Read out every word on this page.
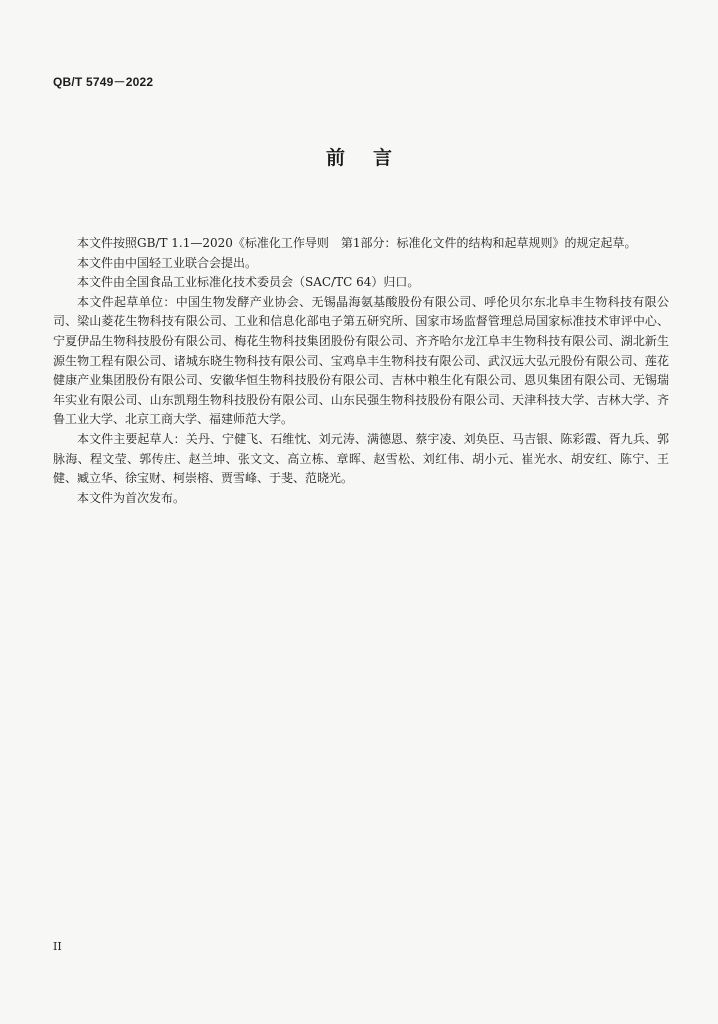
QB/T 5749－2022
前言

本文件按照GB/T 1.1—2020《标准化工作导则　第1部分：标准化文件的结构和起草规则》的规定起草。

本文件由中国轻工业联合会提出。

本文件由全国食品工业标准化技术委员会（SAC/TC 64）归口。

本文件起草单位：中国生物发酵产业协会、无锡晶海氨基酸股份有限公司、呼伦贝尔东北阜丰生物科技有限公司、梁山菱花生物科技有限公司、工业和信息化部电子第五研究所、国家市场监督管理总局国家标准技术审评中心、宁夏伊品生物科技股份有限公司、梅花生物科技集团股份有限公司、齐齐哈尔龙江阜丰生物科技有限公司、湖北新生源生物工程有限公司、诸城东晓生物科技有限公司、宝鸡阜丰生物科技有限公司、武汉远大弘元股份有限公司、莲花健康产业集团股份有限公司、安徽华恒生物科技股份有限公司、吉林中粮生化有限公司、恩贝集团有限公司、无锡瑞年实业有限公司、山东凯翔生物科技股份有限公司、山东民强生物科技股份有限公司、天津科技大学、吉林大学、齐鲁工业大学、北京工商大学、福建师范大学。

本文件主要起草人：关丹、宁健飞、石维忱、刘元涛、满德恩、蔡宇凌、刘奂臣、马吉银、陈彩霞、胥九兵、郭脉海、程文莹、郭传庄、赵兰坤、张文文、高立栋、章晖、赵雪松、刘红伟、胡小元、崔光水、胡安红、陈宁、王健、臧立华、徐宝财、柯崇榕、贾雪峰、于斐、范晓光。

本文件为首次发布。

II
